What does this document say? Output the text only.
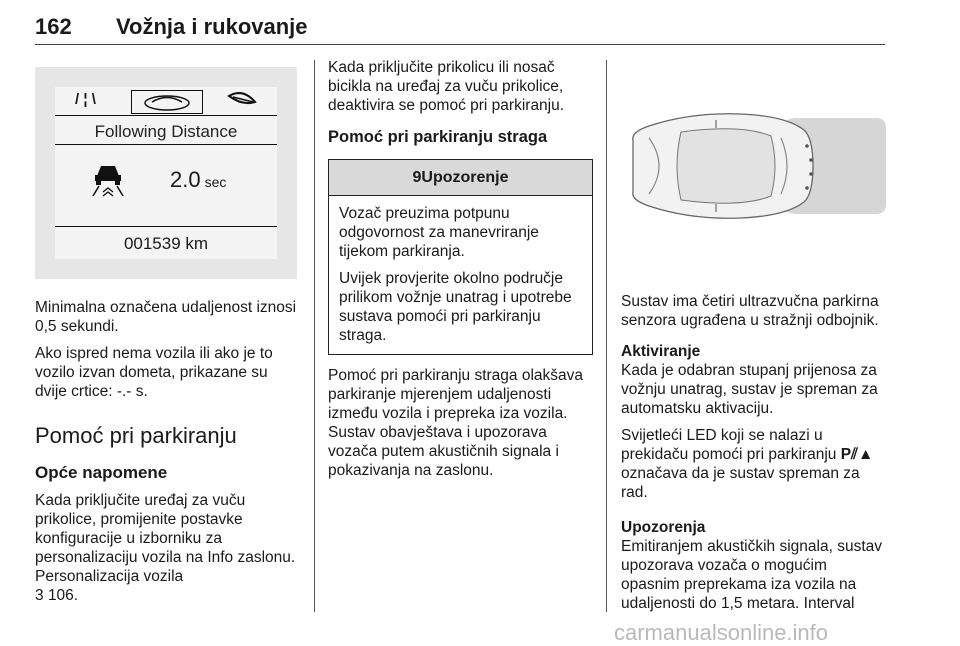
162 Vožnja i rukovanje
/ ¦ \
Following Distance
2.0 sec
001539 km

Minimalna označena udaljenost iznosi 0,5 sekundi.

Ako ispred nema vozila ili ako je to vozilo izvan dometa, prikazane su dvije crtice: -.- s.

Pomoć pri parkiranju
Opće napomene

Kada priključite uređaj za vuču prikolice, promijenite postavke konfiguracije u izborniku za personalizaciju vozila na Info zaslonu. Personalizacija vozila
3 106.

Kada priključite prikolicu ili nosač bicikla na uređaj za vuču prikolice, deaktivira se pomoć pri parkiranju.

Pomoć pri parkiranju straga
9Upozorenje

Vozač preuzima potpunu odgovornost za manevriranje tijekom parkiranja.

Uvijek provjerite okolno područje prilikom vožnje unatrag i upotrebe sustava pomoći pri parkiranju straga.

Pomoć pri parkiranju straga olakšava parkiranje mjerenjem udaljenosti između vozila i prepreka iza vozila. Sustav obavještava i upozorava vozača putem akustičnih signala i pokazivanja na zaslonu.

Sustav ima četiri ultrazvučna parkirna senzora ugrađena u stražnji odbojnik.

Aktiviranje

Kada je odabran stupanj prijenosa za vožnju unatrag, sustav je spreman za automatsku aktivaciju.

Svijetleći LED koji se nalazi u prekidaču pomoći pri parkiranju P⫽▲ označava da je sustav spreman za rad.

Upozorenja

Emitiranjem akustičkih signala, sustav upozorava vozača o mogućim opasnim preprekama iza vozila na udaljenosti do 1,5 metara. Interval

carmanualsonline.info
